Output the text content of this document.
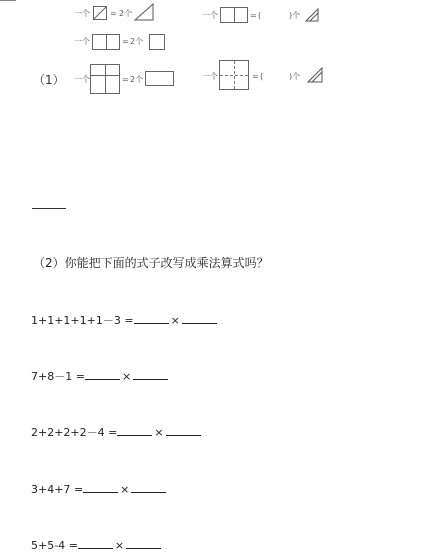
一个	= 2个	一个	= (	)个
一个	= 2个
（1） 一个	= 2个	一个	= (	)个
（2）你能把下面的式子改写成乘法算式吗？
1+1+1+1+1－3 =	×
7+8－1 =	×
2+2+2+2－4 =	×
3+4+7 =	×
5+5-4 =	×
